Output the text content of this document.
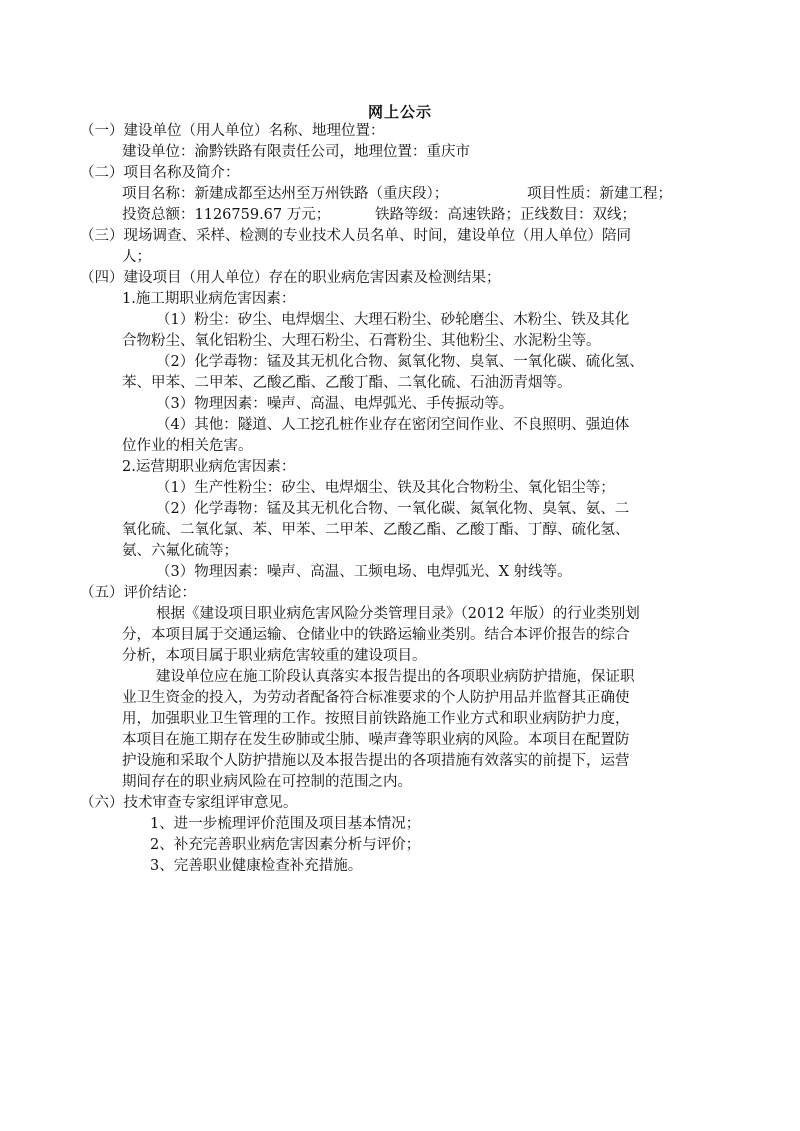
网上公示
（一）建设单位（用人单位）名称、地理位置：
建设单位：渝黔铁路有限责任公司，地理位置：重庆市
（二）项目名称及简介：
项目名称：新建成都至达州至万州铁路（重庆段）；	项目性质：新建工程；
投资总额：1126759.67 万元；	铁路等级：高速铁路；正线数目：双线；
（三）现场调查、采样、检测的专业技术人员名单、时间，建设单位（用人单位）陪同
人；
（四）建设项目（用人单位）存在的职业病危害因素及检测结果；
1.施工期职业病危害因素：
（1）粉尘：矽尘、电焊烟尘、大理石粉尘、砂轮磨尘、木粉尘、铁及其化
合物粉尘、氧化铝粉尘、大理石粉尘、石膏粉尘、其他粉尘、水泥粉尘等。
（2）化学毒物：锰及其无机化合物、氮氧化物、臭氧、一氧化碳、硫化氢、
苯、甲苯、二甲苯、乙酸乙酯、乙酸丁酯、二氧化硫、石油沥青烟等。
（3）物理因素：噪声、高温、电焊弧光、手传振动等。
（4）其他：隧道、人工挖孔桩作业存在密闭空间作业、不良照明、强迫体
位作业的相关危害。
2.运营期职业病危害因素：
（1）生产性粉尘：矽尘、电焊烟尘、铁及其化合物粉尘、氧化铝尘等；
（2）化学毒物：锰及其无机化合物、一氧化碳、氮氧化物、臭氧、氨、二
氧化硫、二氧化氯、苯、甲苯、二甲苯、乙酸乙酯、乙酸丁酯、丁醇、硫化氢、
氨、六氟化硫等；
（3）物理因素：噪声、高温、工频电场、电焊弧光、X 射线等。
（五）评价结论：
根据《建设项目职业病危害风险分类管理目录》（2012 年版）的行业类别划
分，本项目属于交通运输、仓储业中的铁路运输业类别。结合本评价报告的综合
分析，本项目属于职业病危害较重的建设项目。
建设单位应在施工阶段认真落实本报告提出的各项职业病防护措施，保证职
业卫生资金的投入，为劳动者配备符合标准要求的个人防护用品并监督其正确使
用，加强职业卫生管理的工作。按照目前铁路施工作业方式和职业病防护力度，
本项目在施工期存在发生矽肺或尘肺、噪声聋等职业病的风险。本项目在配置防
护设施和采取个人防护措施以及本报告提出的各项措施有效落实的前提下，运营
期间存在的职业病风险在可控制的范围之内。
（六）技术审查专家组评审意见。
1、进一步梳理评价范围及项目基本情况；
2、补充完善职业病危害因素分析与评价；
3、完善职业健康检查补充措施。
